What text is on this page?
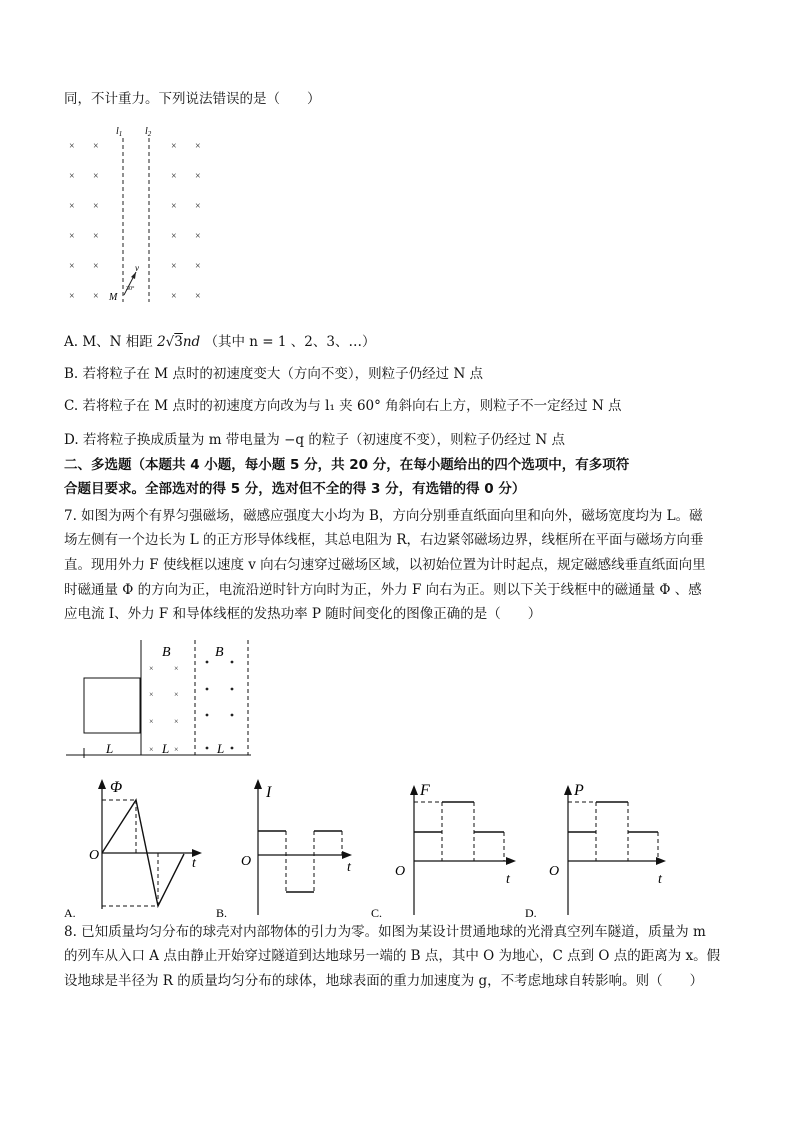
同，不计重力。下列说法错误的是（　　）
× ×
× ×
× ×
× ×
× ×
× ×
× ×
× ×
× ×
× ×
× ×
× ×
$l_1$ $l_2$
v
30°
M
A. M、N 相距 2√3nd （其中 n = 1 、2、3、…）
B. 若将粒子在 M 点时的初速度变大（方向不变），则粒子仍经过 N 点
C. 若将粒子在 M 点时的初速度方向改为与 l₁ 夹 60° 角斜向右上方，则粒子不一定经过 N 点
D. 若将粒子换成质量为 m 带电量为 −q 的粒子（初速度不变），则粒子仍经过 N 点
二、多选题（本题共 4 小题，每小题 5 分，共 20 分，在每小题给出的四个选项中，有多项符
合题目要求。全部选对的得 5 分，选对但不全的得 3 分，有选错的得 0 分）
7. 如图为两个有界匀强磁场，磁感应强度大小均为 B，方向分别垂直纸面向里和向外，磁场宽度均为 L。磁
场左侧有一个边长为 L 的正方形导体线框，其总电阻为 R，右边紧邻磁场边界，线框所在平面与磁场方向垂
直。现用外力 F 使线框以速度 v 向右匀速穿过磁场区域，以初始位置为计时起点，规定磁感线垂直纸面向里
时磁通量 Φ 的方向为正，电流沿逆时针方向时为正，外力 F 向右为正。则以下关于线框中的磁通量 Φ 、感
应电流 I、外力 F 和导体线框的发热功率 P 随时间变化的图像正确的是（　　）
B	B
×	×
×	×
×	×
×	×
L	L	L
Φ
O
t
A.
I
O	t
B.
F
O
t
C.
P
O
t
D.
8. 已知质量均匀分布的球壳对内部物体的引力为零。如图为某设计贯通地球的光滑真空列车隧道，质量为 m
的列车从入口 A 点由静止开始穿过隧道到达地球另一端的 B 点，其中 O 为地心，C 点到 O 点的距离为 x。假
设地球是半径为 R 的质量均匀分布的球体，地球表面的重力加速度为 g，不考虑地球自转影响。则（　　）
